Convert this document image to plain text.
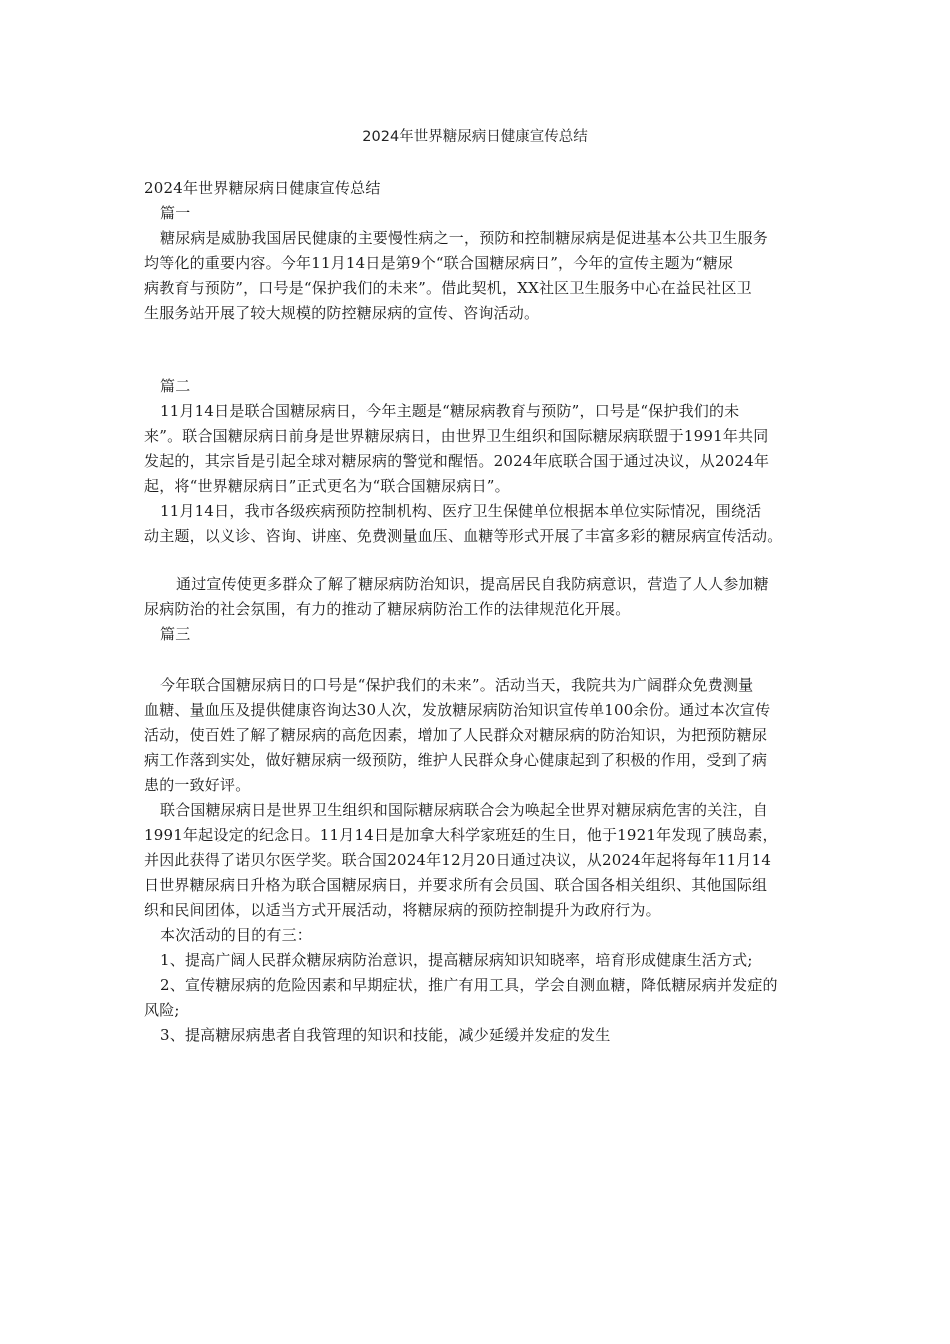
2024年世界糖尿病日健康宣传总结
2024年世界糖尿病日健康宣传总结
篇一
糖尿病是威胁我国居民健康的主要慢性病之一，预防和控制糖尿病是促进基本公共卫生服务
均等化的重要内容。今年11月14日是第9个“联合国糖尿病日”，今年的宣传主题为“糖尿
病教育与预防”，口号是“保护我们的未来”。借此契机，XX社区卫生服务中心在益民社区卫
生服务站开展了较大规模的防控糖尿病的宣传、咨询活动。
篇二
11月14日是联合国糖尿病日，今年主题是“糖尿病教育与预防”，口号是“保护我们的未
来”。联合国糖尿病日前身是世界糖尿病日，由世界卫生组织和国际糖尿病联盟于1991年共同
发起的，其宗旨是引起全球对糖尿病的警觉和醒悟。2024年底联合国于通过决议，从2024年
起，将“世界糖尿病日”正式更名为“联合国糖尿病日”。
11月14日，我市各级疾病预防控制机构、医疗卫生保健单位根据本单位实际情况，围绕活
动主题，以义诊、咨询、讲座、免费测量血压、血糖等形式开展了丰富多彩的糖尿病宣传活动。
通过宣传使更多群众了解了糖尿病防治知识，提高居民自我防病意识，营造了人人参加糖
尿病防治的社会氛围，有力的推动了糖尿病防治工作的法律规范化开展。
篇三
今年联合国糖尿病日的口号是“保护我们的未来”。活动当天，我院共为广阔群众免费测量
血糖、量血压及提供健康咨询达30人次，发放糖尿病防治知识宣传单100余份。通过本次宣传
活动，使百姓了解了糖尿病的高危因素，增加了人民群众对糖尿病的防治知识，为把预防糖尿
病工作落到实处，做好糖尿病一级预防，维护人民群众身心健康起到了积极的作用，受到了病
患的一致好评。
联合国糖尿病日是世界卫生组织和国际糖尿病联合会为唤起全世界对糖尿病危害的关注，自
1991年起设定的纪念日。11月14日是加拿大科学家班廷的生日，他于1921年发现了胰岛素，
并因此获得了诺贝尔医学奖。联合国2024年12月20日通过决议，从2024年起将每年11月14
日世界糖尿病日升格为联合国糖尿病日，并要求所有会员国、联合国各相关组织、其他国际组
织和民间团体，以适当方式开展活动，将糖尿病的预防控制提升为政府行为。
本次活动的目的有三：
1、提高广阔人民群众糖尿病防治意识，提高糖尿病知识知晓率，培育形成健康生活方式;
2、宣传糖尿病的危险因素和早期症状，推广有用工具，学会自测血糖，降低糖尿病并发症的
风险;
3、提高糖尿病患者自我管理的知识和技能，减少延缓并发症的发生
